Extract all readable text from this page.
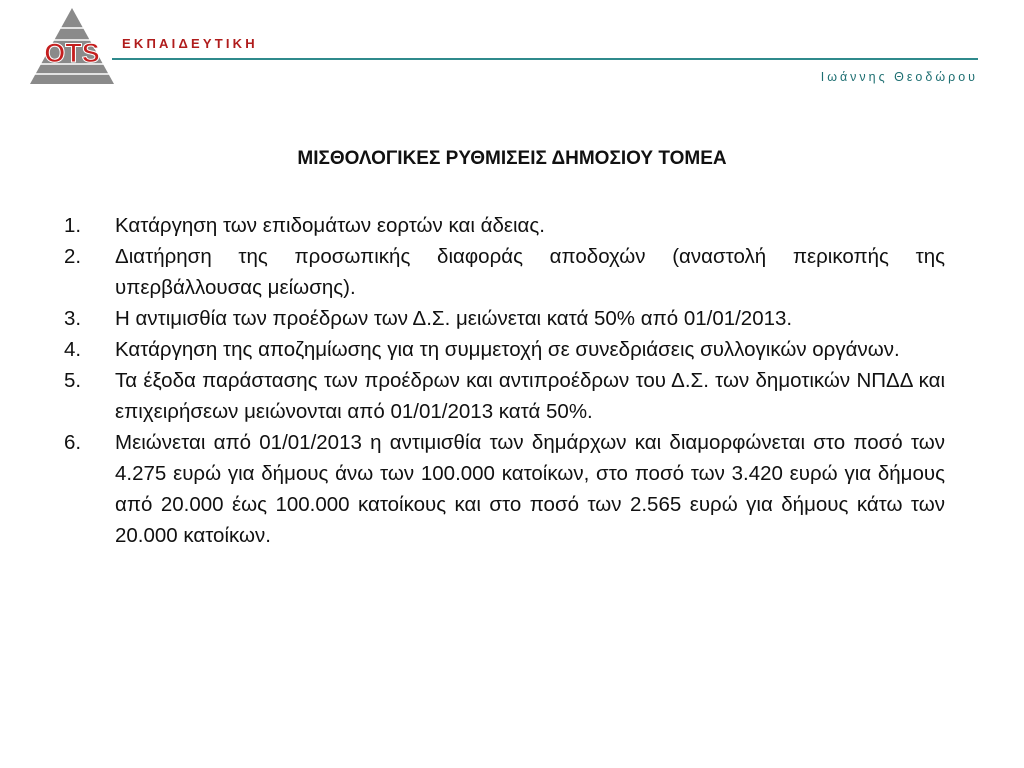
OTS ΕΚΠΑΙΔΕΥΤΙΚΗ
Ιωάννης Θεοδώρου
ΜΙΣΘΟΛΟΓΙΚΕΣ ΡΥΘΜΙΣΕΙΣ ΔΗΜΟΣΙΟΥ ΤΟΜΕΑ
1. Κατάργηση των επιδομάτων εορτών και άδειας.
2. Διατήρηση της προσωπικής διαφοράς αποδοχών (αναστολή περικοπής της υπερβάλλουσας μείωσης).
3. Η αντιμισθία των προέδρων των Δ.Σ. μειώνεται κατά 50% από 01/01/2013.
4. Κατάργηση της αποζημίωσης για τη συμμετοχή σε συνεδριάσεις συλλογικών οργάνων.
5. Τα έξοδα παράστασης των προέδρων και αντιπροέδρων του Δ.Σ. των δημοτικών ΝΠΔΔ και επιχειρήσεων μειώνονται από 01/01/2013 κατά 50%.
6. Μειώνεται από 01/01/2013 η αντιμισθία των δημάρχων και διαμορφώνεται στο ποσό των 4.275 ευρώ για δήμους άνω των 100.000 κατοίκων, στο ποσό των 3.420 ευρώ για δήμους από 20.000 έως 100.000 κατοίκους και στο ποσό των 2.565 ευρώ για δήμους κάτω των 20.000 κατοίκων.
